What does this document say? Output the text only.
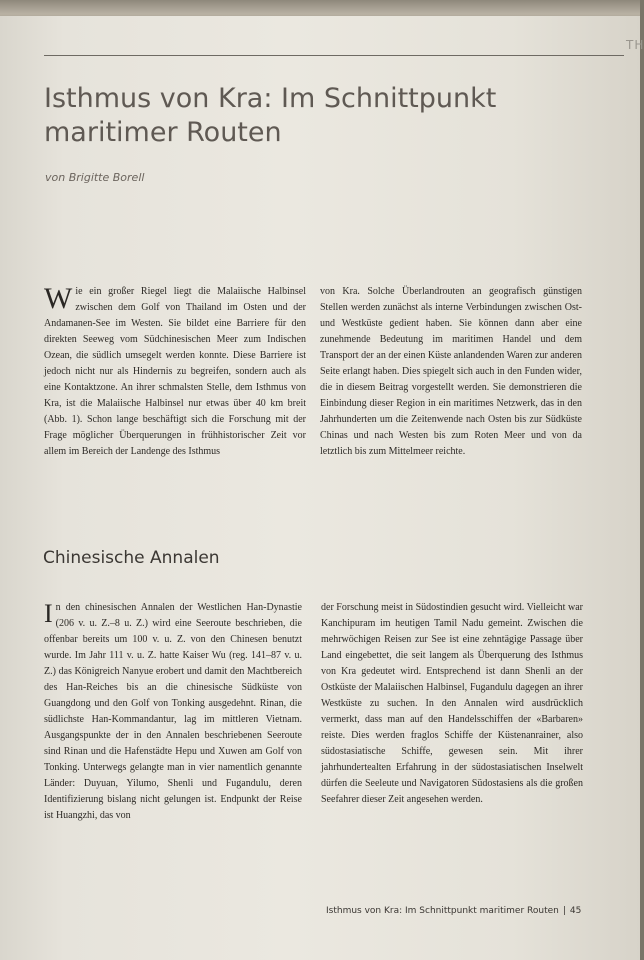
TH
Isthmus von Kra: Im Schnittpunkt maritimer Routen
von Brigitte Borell

Wie ein großer Riegel liegt die Malaiische Halbinsel zwischen dem Golf von Thailand im Osten und der Andamanen-See im Westen. Sie bildet eine Barriere für den direkten Seeweg vom Südchinesischen Meer zum Indischen Ozean, die südlich umsegelt werden konnte. Diese Barriere ist jedoch nicht nur als Hindernis zu begreifen, sondern auch als eine Kontaktzone. An ihrer schmalsten Stelle, dem Isthmus von Kra, ist die Malaiische Halbinsel nur etwas über 40 km breit (Abb. 1). Schon lange beschäftigt sich die Forschung mit der Frage möglicher Überquerungen in frühhistorischer Zeit vor allem im Bereich der Landenge des Isthmus

von Kra. Solche Überlandrouten an geografisch günstigen Stellen werden zunächst als interne Verbindungen zwischen Ost- und Westküste gedient haben. Sie können dann aber eine zunehmende Bedeutung im maritimen Handel und dem Transport der an der einen Küste anlandenden Waren zur anderen Seite erlangt haben. Dies spiegelt sich auch in den Funden wider, die in diesem Beitrag vorgestellt werden. Sie demonstrieren die Einbindung dieser Region in ein maritimes Netzwerk, das in den Jahrhunderten um die Zeitenwende nach Osten bis zur Südküste Chinas und nach Westen bis zum Roten Meer und von da letztlich bis zum Mittelmeer reichte.

Chinesische Annalen

In den chinesischen Annalen der Westlichen Han-Dynastie (206 v. u. Z.–8 u. Z.) wird eine Seeroute beschrieben, die offenbar bereits um 100 v. u. Z. von den Chinesen benutzt wurde. Im Jahr 111 v. u. Z. hatte Kaiser Wu (reg. 141–87 v. u. Z.) das Königreich Nanyue erobert und damit den Machtbereich des Han-Reiches bis an die chinesische Südküste von Guangdong und den Golf von Tonking ausgedehnt. Rinan, die südlichste Han-Kommandantur, lag im mittleren Vietnam. Ausgangspunkte der in den Annalen beschriebenen Seeroute sind Rinan und die Hafenstädte Hepu und Xuwen am Golf von Tonking. Unterwegs gelangte man in vier namentlich genannte Länder: Duyuan, Yilumo, Shenli und Fugandulu, deren Identifizierung bislang nicht gelungen ist. Endpunkt der Reise ist Huangzhi, das von

der Forschung meist in Südostindien gesucht wird. Vielleicht war Kanchipuram im heutigen Tamil Nadu gemeint. Zwischen die mehrwöchigen Reisen zur See ist eine zehntägige Passage über Land eingebettet, die seit langem als Überquerung des Isthmus von Kra gedeutet wird. Entsprechend ist dann Shenli an der Ostküste der Malaiischen Halbinsel, Fugandulu dagegen an ihrer Westküste zu suchen. In den Annalen wird ausdrücklich vermerkt, dass man auf den Handelsschiffen der «Barbaren» reiste. Dies werden fraglos Schiffe der Küstenanrainer, also südostasiatische Schiffe, gewesen sein. Mit ihrer jahrhundertealten Erfahrung in der südostasiatischen Inselwelt dürfen die Seeleute und Navigatoren Südostasiens als die großen Seefahrer dieser Zeit angesehen werden.

Isthmus von Kra: Im Schnittpunkt maritimer Routen | 45
